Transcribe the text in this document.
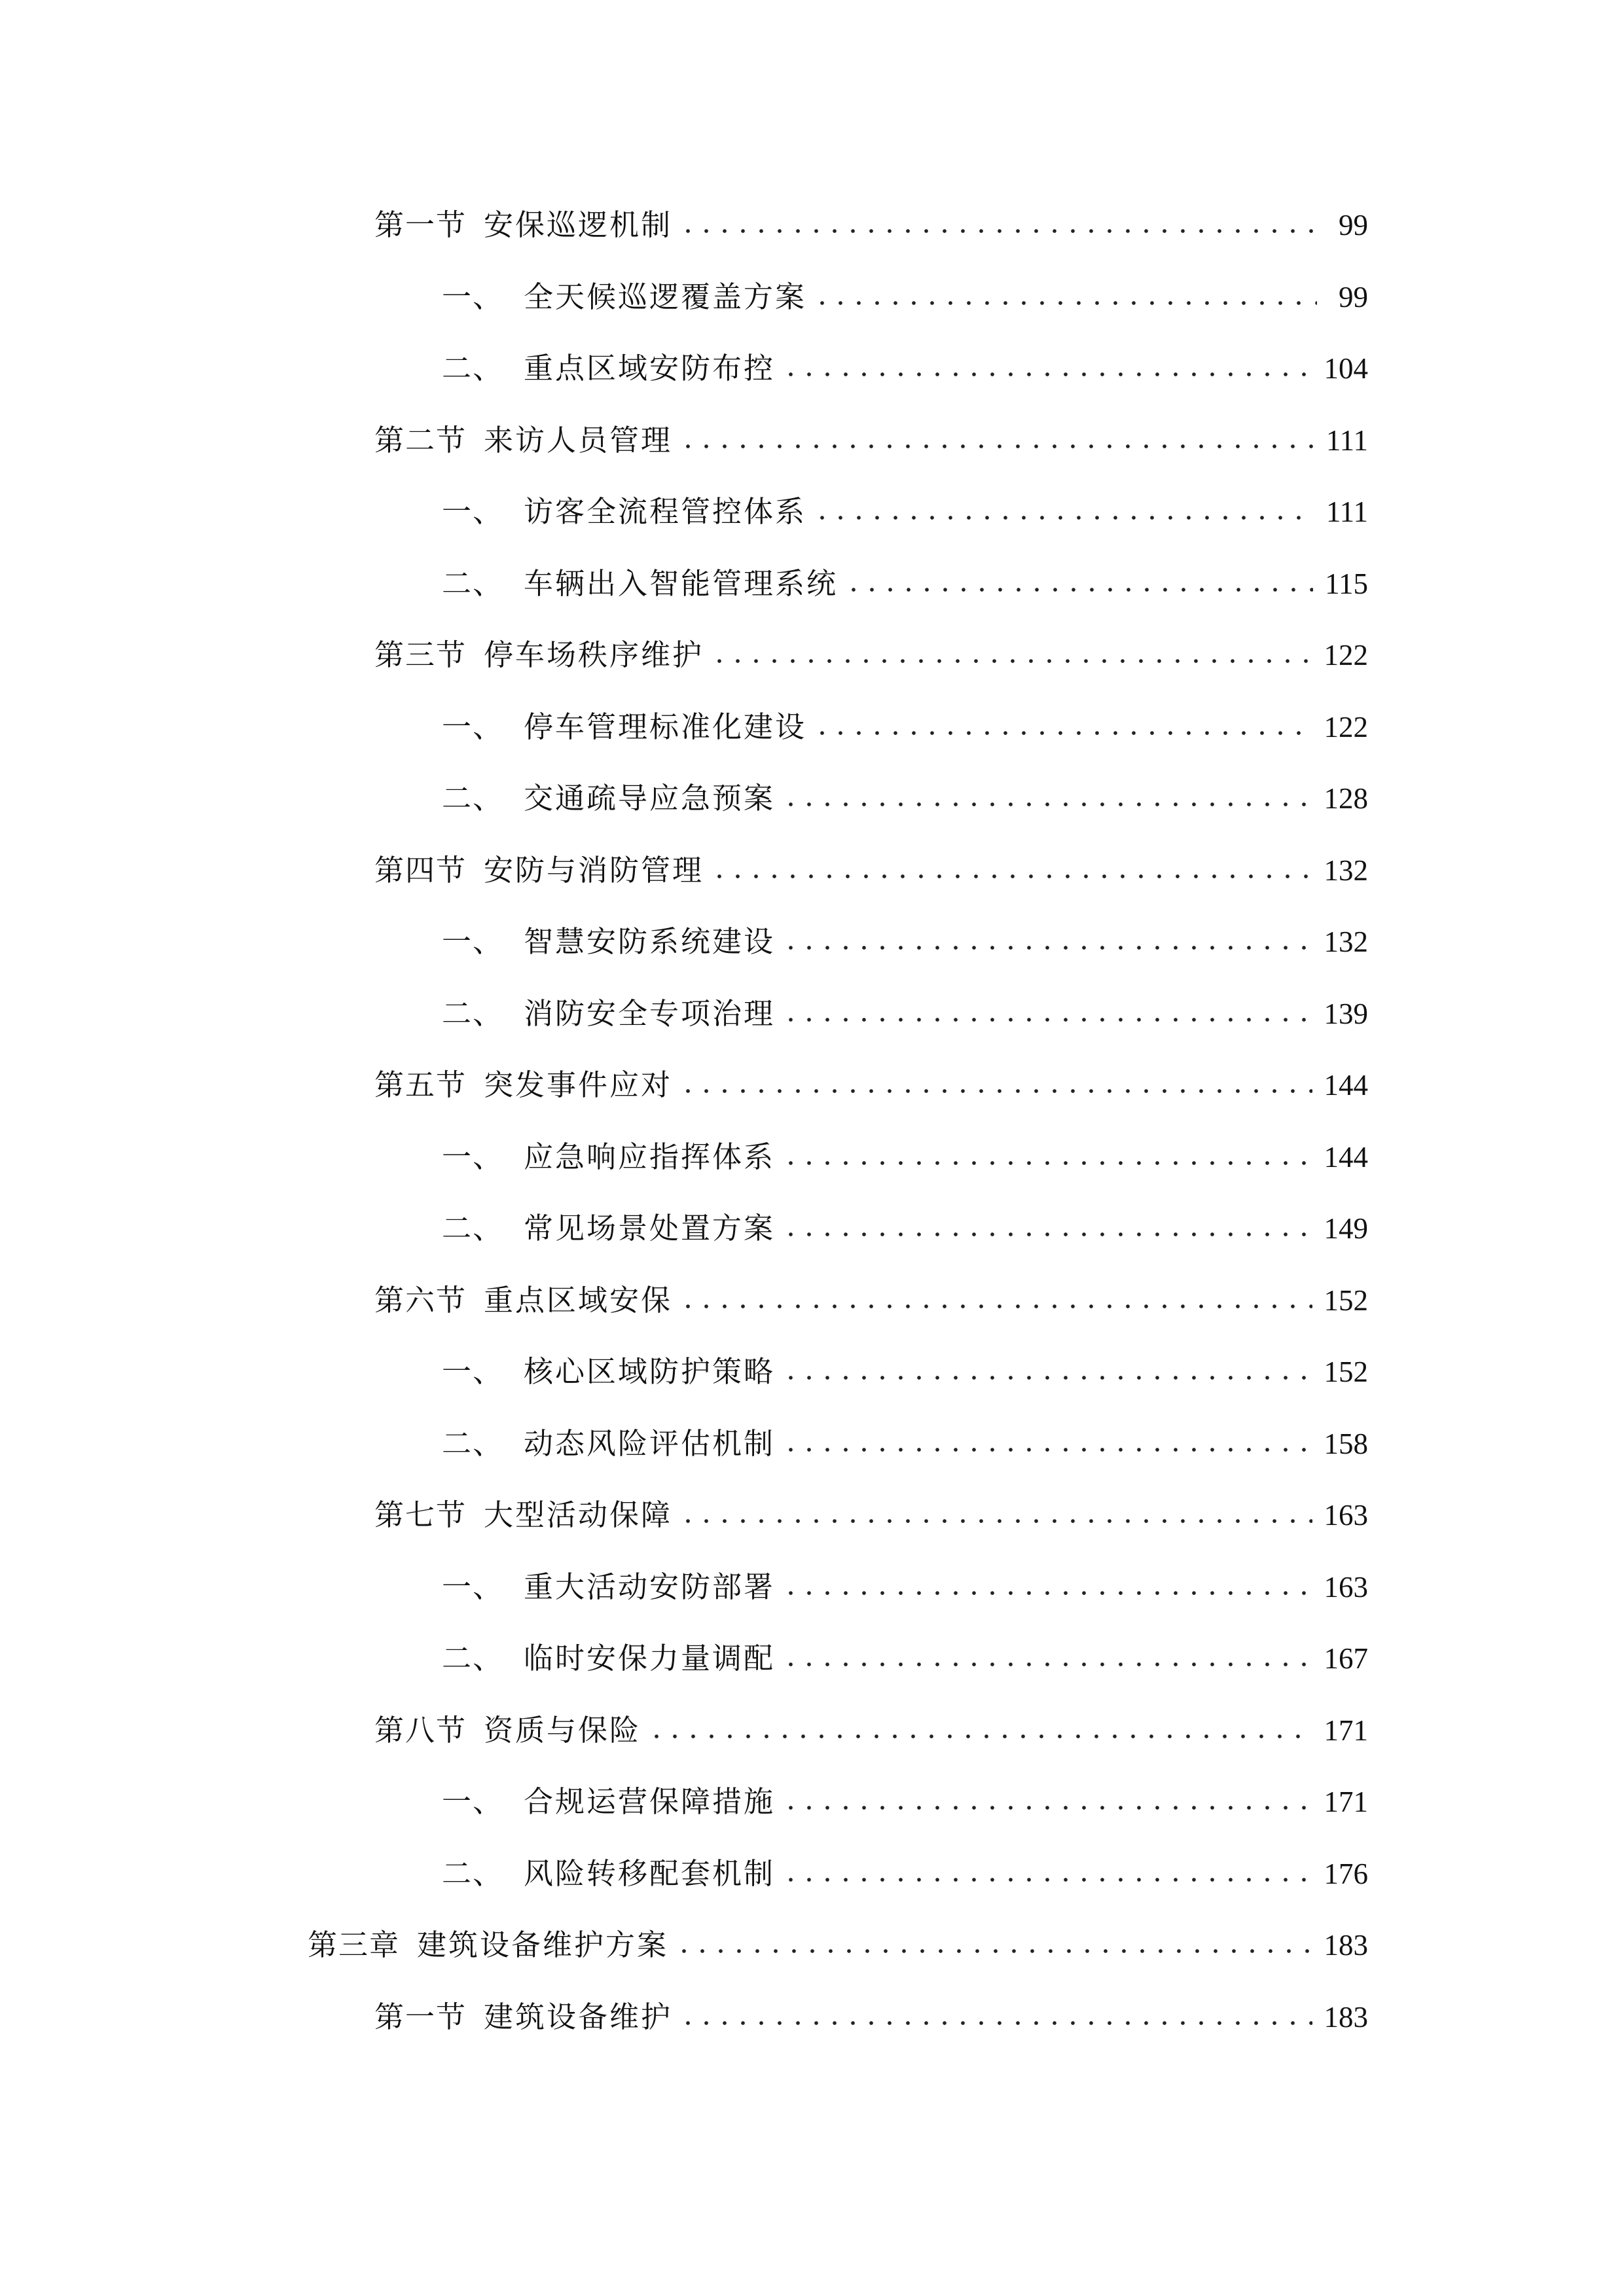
第一节 安保巡逻机制	99
一、 全天候巡逻覆盖方案	99
二、 重点区域安防布控	104
第二节 来访人员管理	111
一、 访客全流程管控体系	111
二、 车辆出入智能管理系统	115
第三节 停车场秩序维护	122
一、 停车管理标准化建设	122
二、 交通疏导应急预案	128
第四节 安防与消防管理	132
一、 智慧安防系统建设	132
二、 消防安全专项治理	139
第五节 突发事件应对	144
一、 应急响应指挥体系	144
二、 常见场景处置方案	149
第六节 重点区域安保	152
一、 核心区域防护策略	152
二、 动态风险评估机制	158
第七节 大型活动保障	163
一、 重大活动安防部署	163
二、 临时安保力量调配	167
第八节 资质与保险	171
一、 合规运营保障措施	171
二、 风险转移配套机制	176
第三章 建筑设备维护方案	183
第一节 建筑设备维护	183
